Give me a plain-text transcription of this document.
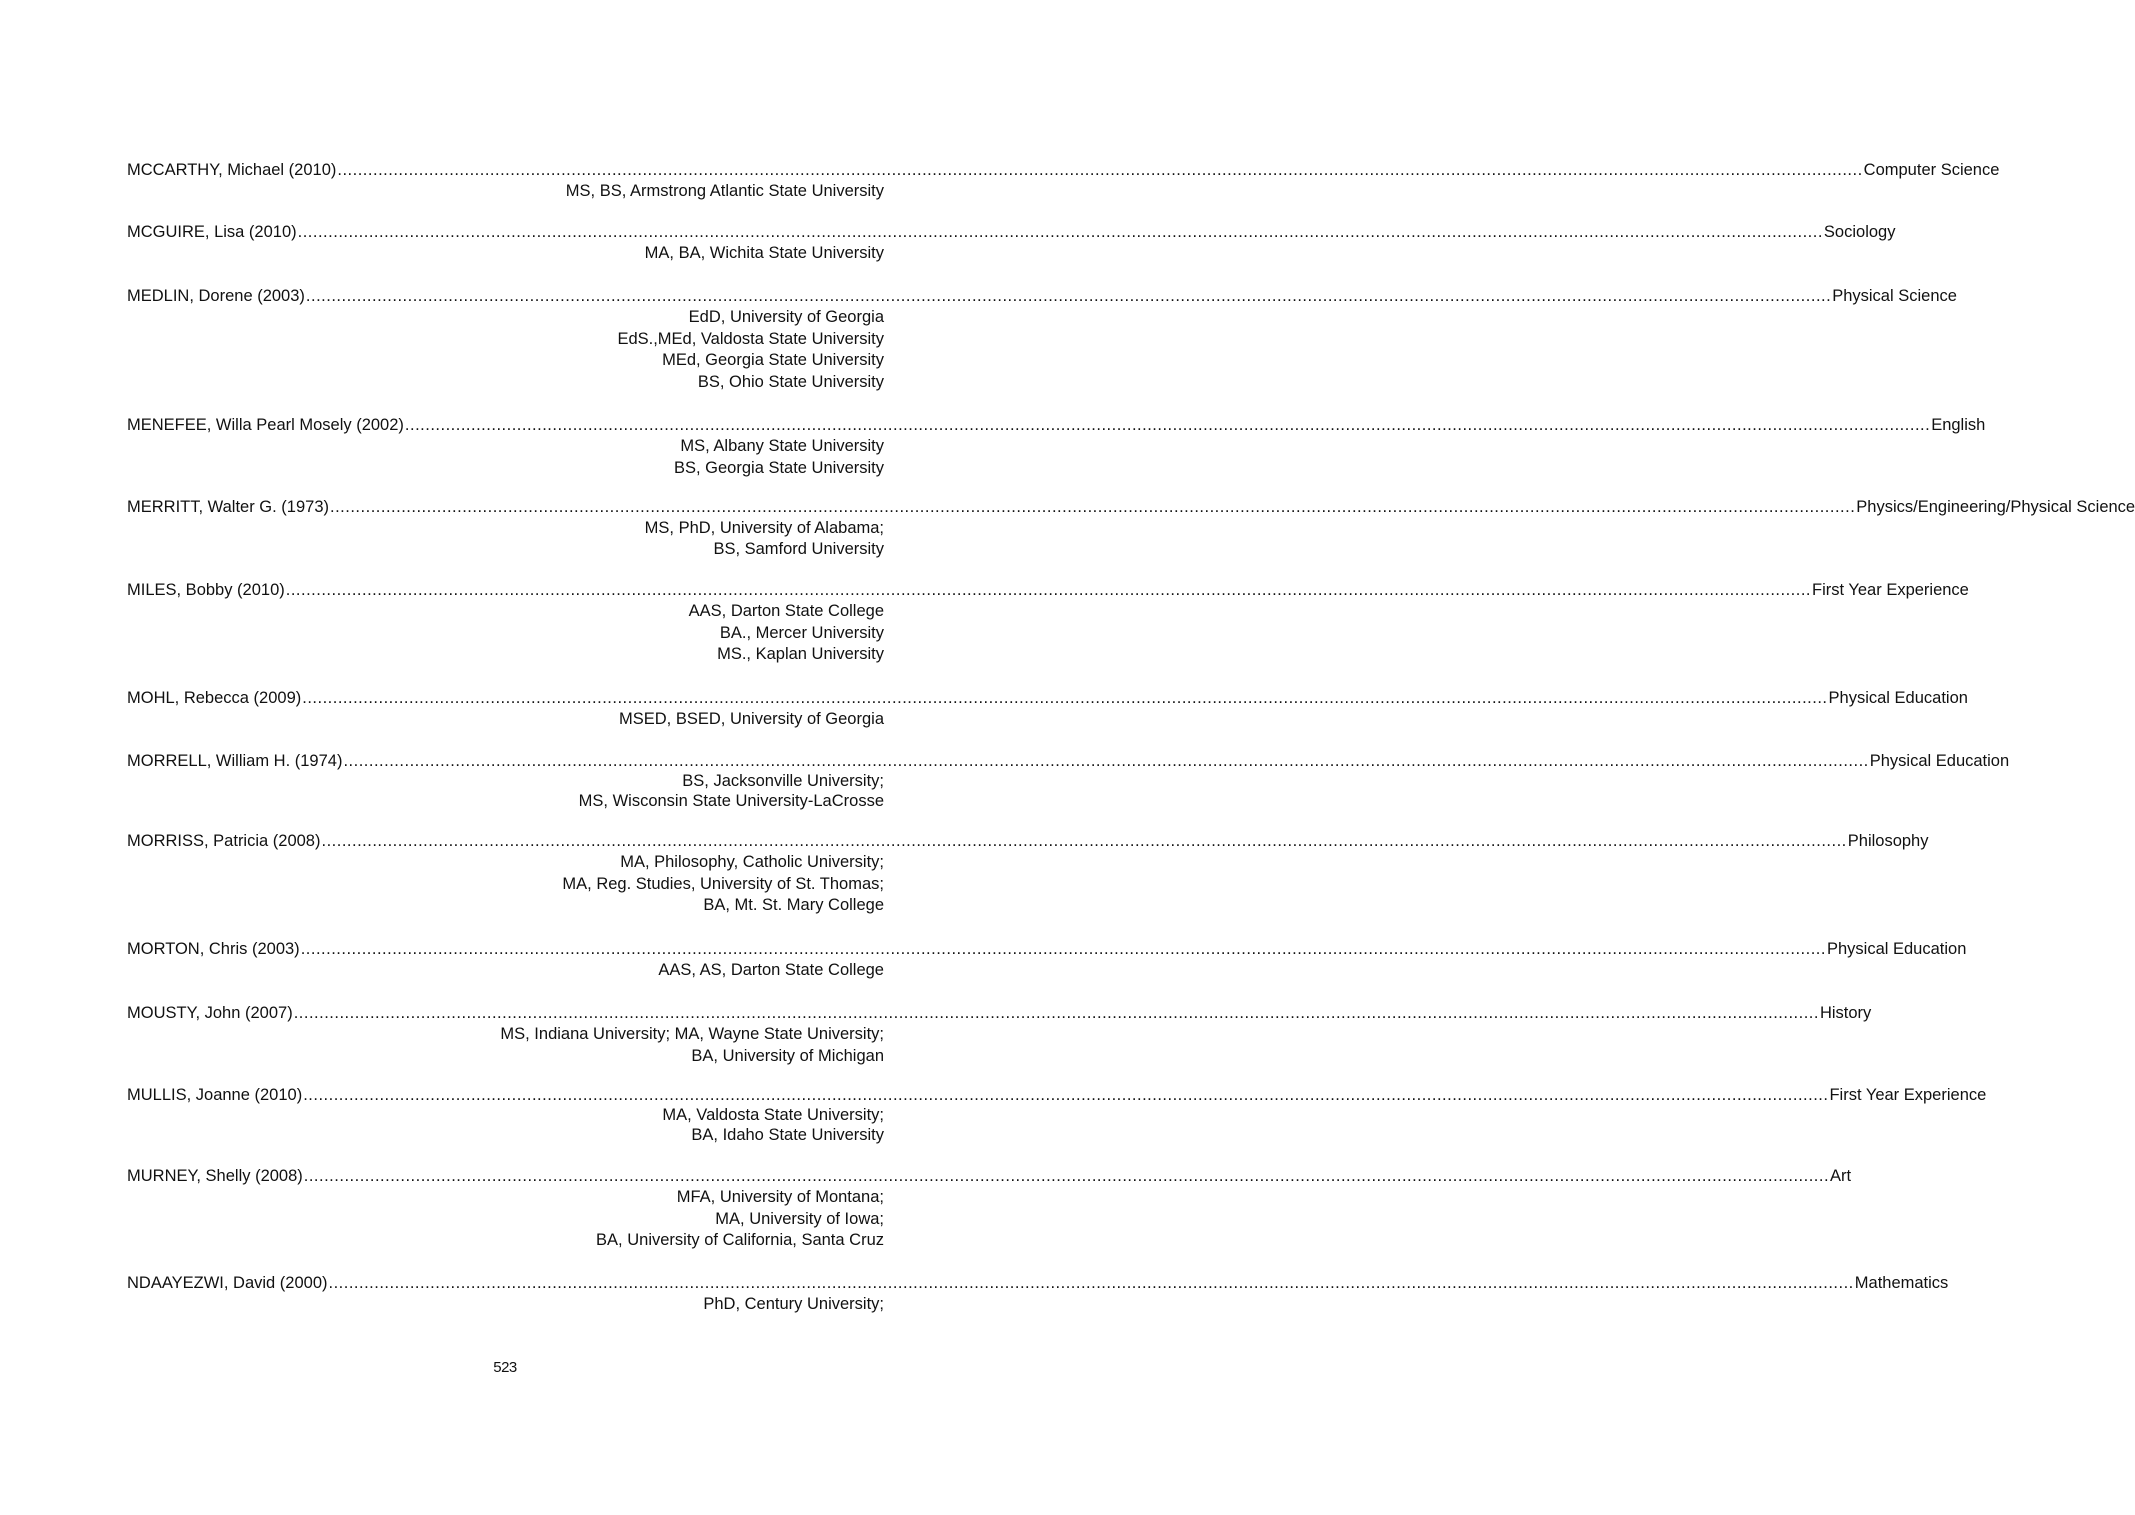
MCCARTHY, Michael (2010) ............................................................................................................................................................................................................................................................................................................ Computer Science
MS, BS, Armstrong Atlantic State University
MCGUIRE, Lisa (2010) ............................................................................................................................................................................................................................................................................................................ Sociology
MA, BA, Wichita State University
MEDLIN, Dorene (2003) ............................................................................................................................................................................................................................................................................................................ Physical Science
EdD, University of Georgia
EdS.,MEd, Valdosta State University
MEd, Georgia State University
BS, Ohio State University
MENEFEE, Willa Pearl Mosely (2002) ............................................................................................................................................................................................................................................................................................................ English
MS, Albany State University
BS, Georgia State University
MERRITT, Walter G. (1973) ............................................................................................................................................................................................................................................................................................................ Physics/Engineering/Physical Science
MS, PhD, University of Alabama;
BS, Samford University
MILES, Bobby (2010) ............................................................................................................................................................................................................................................................................................................ First Year Experience
AAS, Darton State College
BA., Mercer University
MS., Kaplan University
MOHL, Rebecca (2009) ............................................................................................................................................................................................................................................................................................................ Physical Education
MSED, BSED, University of Georgia
MORRELL, William H. (1974) ............................................................................................................................................................................................................................................................................................................ Physical Education
BS, Jacksonville University;
MS, Wisconsin State University-LaCrosse
MORRISS, Patricia (2008) ............................................................................................................................................................................................................................................................................................................ Philosophy
MA, Philosophy, Catholic University;
MA, Reg. Studies, University of St. Thomas;
BA, Mt. St. Mary College
MORTON, Chris (2003) ............................................................................................................................................................................................................................................................................................................ Physical Education
AAS, AS, Darton State College
MOUSTY, John (2007) ............................................................................................................................................................................................................................................................................................................ History
MS, Indiana University; MA, Wayne State University;
BA, University of Michigan
MULLIS, Joanne (2010) ............................................................................................................................................................................................................................................................................................................ First Year Experience
MA, Valdosta State University;
BA, Idaho State University
MURNEY, Shelly (2008) ............................................................................................................................................................................................................................................................................................................ Art
MFA, University of Montana;
MA, University of Iowa;
BA, University of California, Santa Cruz
NDAAYEZWI, David (2000) ............................................................................................................................................................................................................................................................................................................ Mathematics
PhD, Century University;
523
